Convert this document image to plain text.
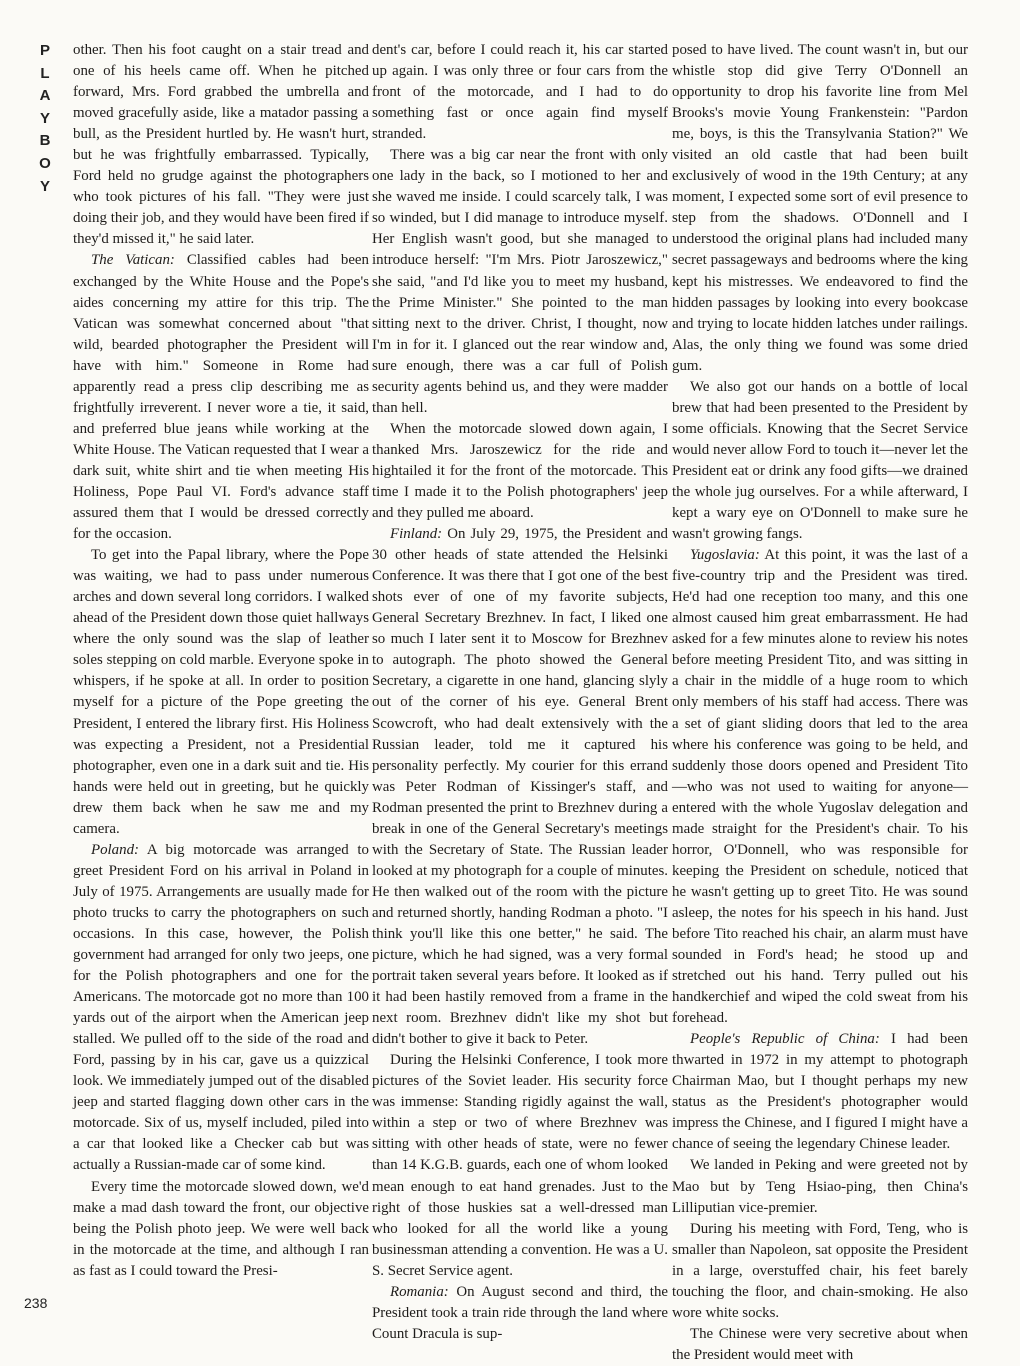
P
L
A
Y
B
O
Y
238

other. Then his foot caught on a stair tread and one of his heels came off. When he pitched forward, Mrs. Ford grabbed the umbrella and moved gracefully aside, like a matador passing a bull, as the President hurtled by. He wasn't hurt, but he was frightfully embarrassed. Typically, Ford held no grudge against the photographers who took pictures of his fall. "They were just doing their job, and they would have been fired if they'd missed it," he said later.

The Vatican: Classified cables had been exchanged by the White House and the Pope's aides concerning my attire for this trip. The Vatican was somewhat concerned about "that wild, bearded photographer the President will have with him." Someone in Rome had apparently read a press clip describing me as frightfully irreverent. I never wore a tie, it said, and preferred blue jeans while working at the White House. The Vatican requested that I wear a dark suit, white shirt and tie when meeting His Holiness, Pope Paul VI. Ford's advance staff assured them that I would be dressed correctly for the occasion.

To get into the Papal library, where the Pope was waiting, we had to pass under numerous arches and down several long corridors. I walked ahead of the President down those quiet hallways where the only sound was the slap of leather soles stepping on cold marble. Everyone spoke in whispers, if he spoke at all. In order to position myself for a picture of the Pope greeting the President, I entered the library first. His Holiness was expecting a President, not a Presidential photographer, even one in a dark suit and tie. His hands were held out in greeting, but he quickly drew them back when he saw me and my camera.

Poland: A big motorcade was arranged to greet President Ford on his arrival in Poland in July of 1975. Arrangements are usually made for photo trucks to carry the photographers on such occasions. In this case, however, the Polish government had arranged for only two jeeps, one for the Polish photographers and one for the Americans. The motorcade got no more than 100 yards out of the airport when the American jeep stalled. We pulled off to the side of the road and Ford, passing by in his car, gave us a quizzical look. We immediately jumped out of the disabled jeep and started flagging down other cars in the motorcade. Six of us, myself included, piled into a car that looked like a Checker cab but was actually a Russian-made car of some kind.

Every time the motorcade slowed down, we'd make a mad dash toward the front, our objective being the Polish photo jeep. We were well back in the motorcade at the time, and although I ran as fast as I could toward the Presi-

dent's car, before I could reach it, his car started up again. I was only three or four cars from the front of the motorcade, and I had to do something fast or once again find myself stranded.

There was a big car near the front with only one lady in the back, so I motioned to her and she waved me inside. I could scarcely talk, I was so winded, but I did manage to introduce myself. Her English wasn't good, but she managed to introduce herself: "I'm Mrs. Piotr Jaroszewicz," she said, "and I'd like you to meet my husband, the Prime Minister." She pointed to the man sitting next to the driver. Christ, I thought, now I'm in for it. I glanced out the rear window and, sure enough, there was a car full of Polish security agents behind us, and they were madder than hell.

When the motorcade slowed down again, I thanked Mrs. Jaroszewicz for the ride and hightailed it for the front of the motorcade. This time I made it to the Polish photographers' jeep and they pulled me aboard.

Finland: On July 29, 1975, the President and 30 other heads of state attended the Helsinki Conference. It was there that I got one of the best shots ever of one of my favorite subjects, General Secretary Brezhnev. In fact, I liked one so much I later sent it to Moscow for Brezhnev to autograph. The photo showed the General Secretary, a cigarette in one hand, glancing slyly out of the corner of his eye. General Brent Scowcroft, who had dealt extensively with the Russian leader, told me it captured his personality perfectly. My courier for this errand was Peter Rodman of Kissinger's staff, and Rodman presented the print to Brezhnev during a break in one of the General Secretary's meetings with the Secretary of State. The Russian leader looked at my photograph for a couple of minutes. He then walked out of the room with the picture and returned shortly, handing Rodman a photo. "I think you'll like this one better," he said. The picture, which he had signed, was a very formal portrait taken several years before. It looked as if it had been hastily removed from a frame in the next room. Brezhnev didn't like my shot but didn't bother to give it back to Peter.

During the Helsinki Conference, I took more pictures of the Soviet leader. His security force was immense: Standing rigidly against the wall, within a step or two of where Brezhnev was sitting with other heads of state, were no fewer than 14 K.G.B. guards, each one of whom looked mean enough to eat hand grenades. Just to the right of those huskies sat a well-dressed man who looked for all the world like a young businessman attending a convention. He was a U. S. Secret Service agent.

Romania: On August second and third, the President took a train ride through the land where Count Dracula is sup-

posed to have lived. The count wasn't in, but our whistle stop did give Terry O'Donnell an opportunity to drop his favorite line from Mel Brooks's movie Young Frankenstein: "Pardon me, boys, is this the Transylvania Station?" We visited an old castle that had been built exclusively of wood in the 19th Century; at any moment, I expected some sort of evil presence to step from the shadows. O'Donnell and I understood the original plans had included many secret passageways and bedrooms where the king kept his mistresses. We endeavored to find the hidden passages by looking into every bookcase and trying to locate hidden latches under railings. Alas, the only thing we found was some dried gum.

We also got our hands on a bottle of local brew that had been presented to the President by some officials. Knowing that the Secret Service would never allow Ford to touch it—never let the President eat or drink any food gifts—we drained the whole jug ourselves. For a while afterward, I kept a wary eye on O'Donnell to make sure he wasn't growing fangs.

Yugoslavia: At this point, it was the last of a five-country trip and the President was tired. He'd had one reception too many, and this one almost caused him great embarrassment. He had asked for a few minutes alone to review his notes before meeting President Tito, and was sitting in a chair in the middle of a huge room to which only members of his staff had access. There was a set of giant sliding doors that led to the area where his conference was going to be held, and suddenly those doors opened and President Tito—who was not used to waiting for anyone—entered with the whole Yugoslav delegation and made straight for the President's chair. To his horror, O'Donnell, who was responsible for keeping the President on schedule, noticed that he wasn't getting up to greet Tito. He was sound asleep, the notes for his speech in his hand. Just before Tito reached his chair, an alarm must have sounded in Ford's head; he stood up and stretched out his hand. Terry pulled out his handkerchief and wiped the cold sweat from his forehead.

People's Republic of China: I had been thwarted in 1972 in my attempt to photograph Chairman Mao, but I thought perhaps my new status as the President's photographer would impress the Chinese, and I figured I might have a chance of seeing the legendary Chinese leader.

We landed in Peking and were greeted not by Mao but by Teng Hsiao-ping, then China's Lilliputian vice-premier.

During his meeting with Ford, Teng, who is smaller than Napoleon, sat opposite the President in a large, overstuffed chair, his feet barely touching the floor, and chain-smoking. He also wore white socks.

The Chinese were very secretive about when the President would meet with
